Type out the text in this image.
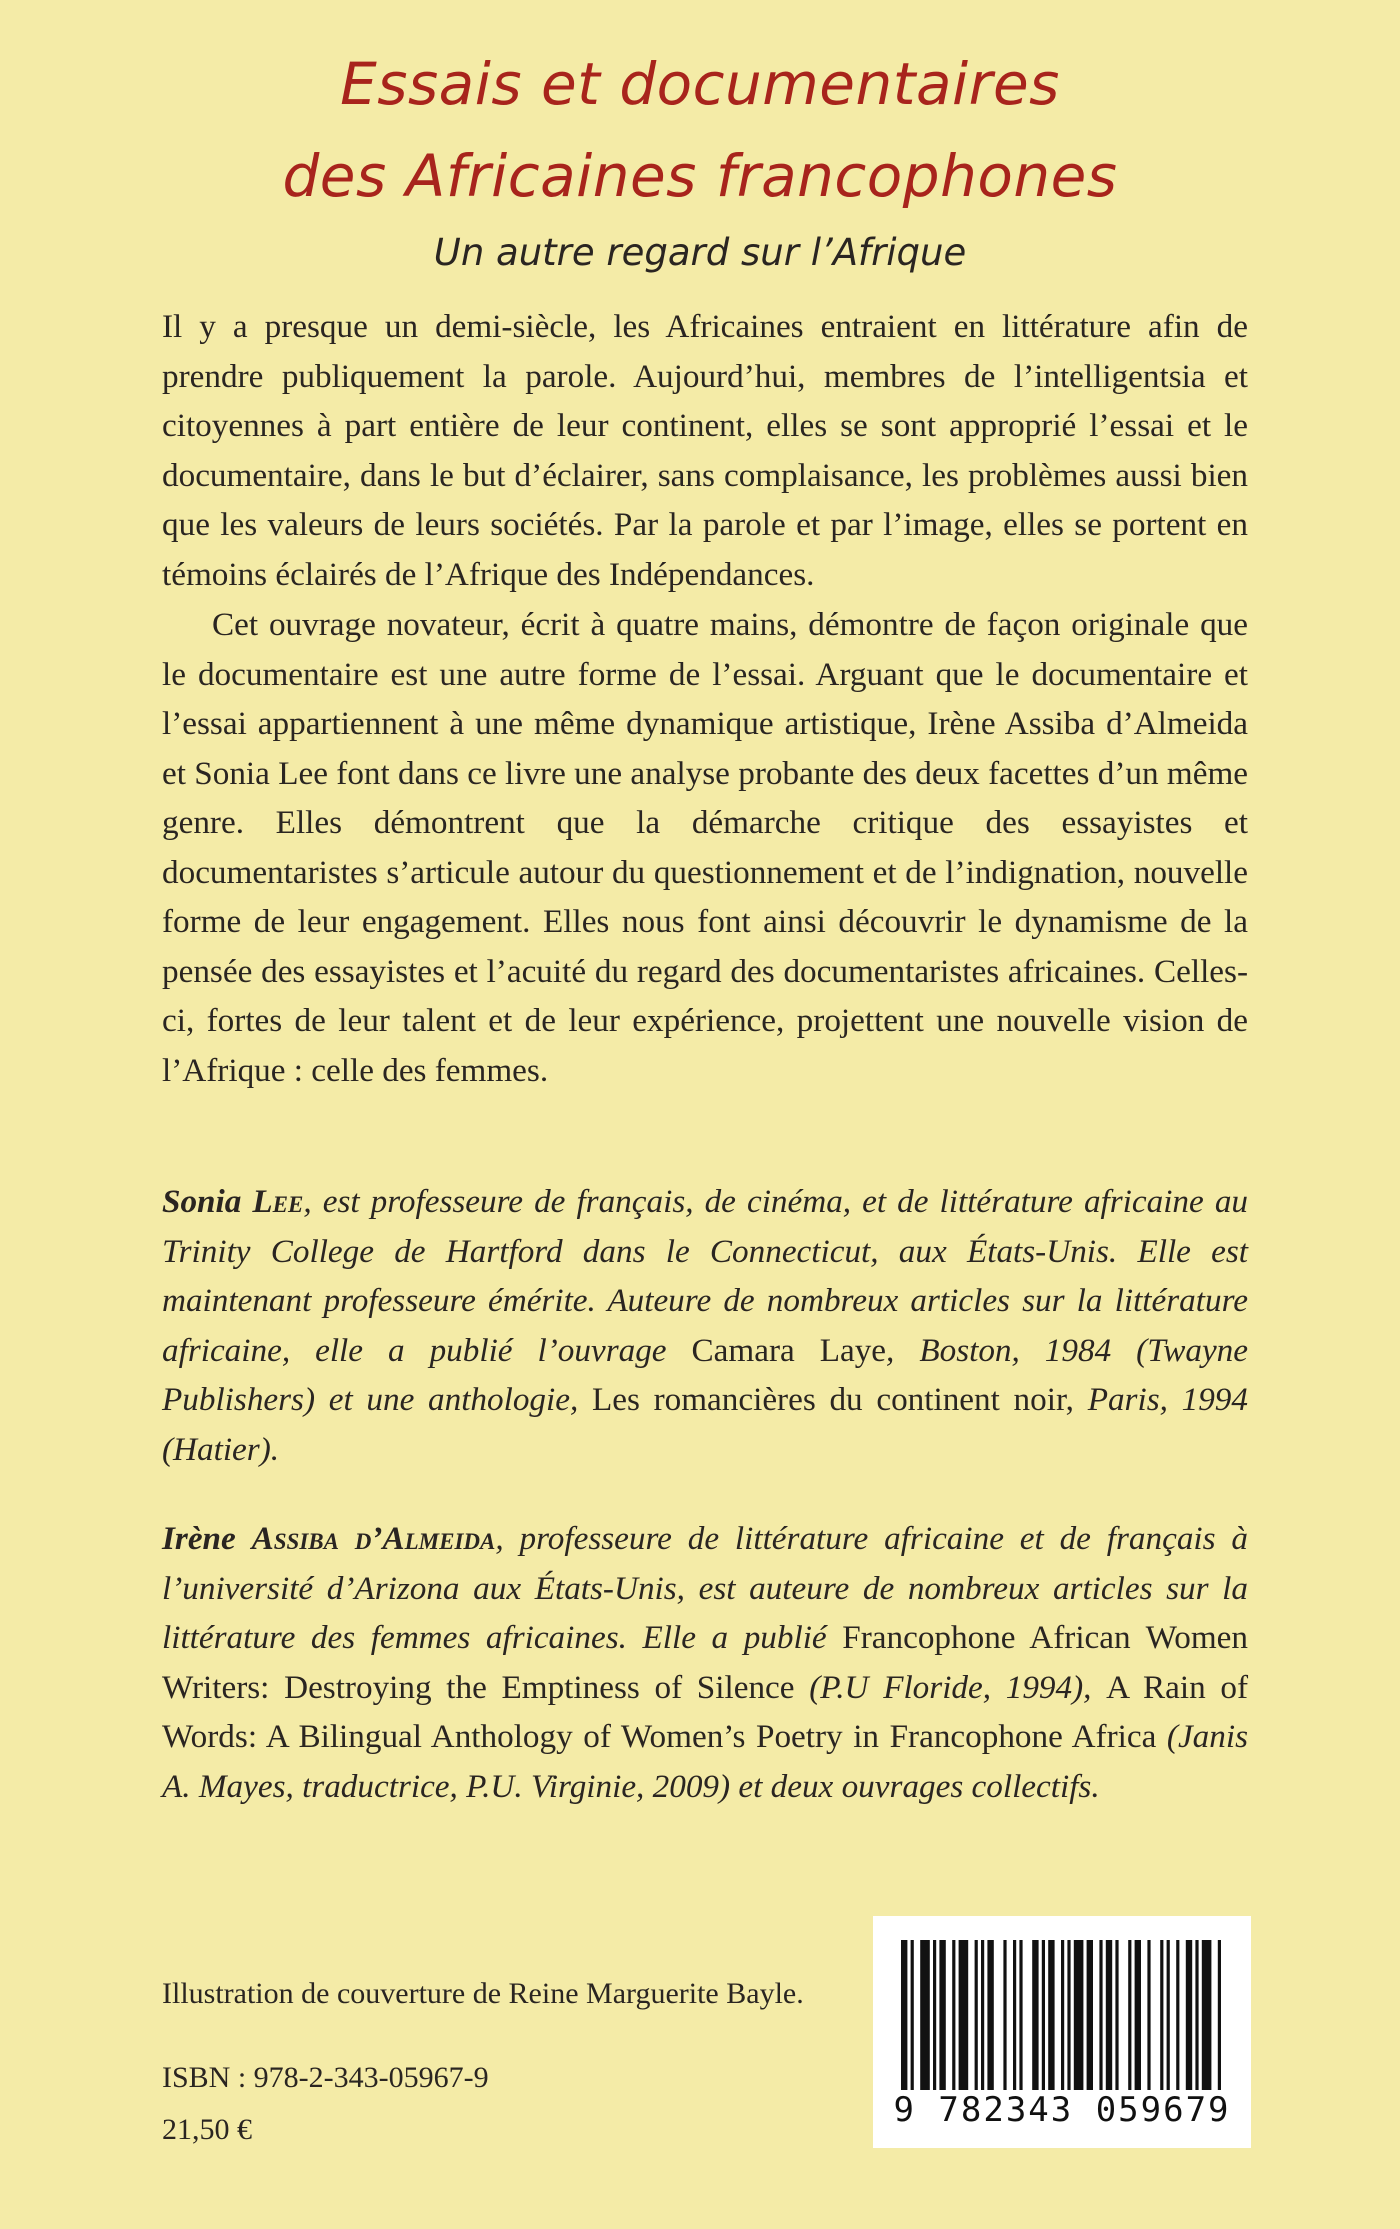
Essais et documentaires
des Africaines francophones
Un autre regard sur l’Afrique
Il y a presque un demi-siècle, les Africaines entraient en littérature afin de prendre publiquement la parole. Aujourd’hui, membres de l’intelligentsia et citoyennes à part entière de leur continent, elles se sont approprié l’essai et le documentaire, dans le but d’éclairer, sans complaisance, les problèmes aussi bien que les valeurs de leurs sociétés. Par la parole et par l’image, elles se portent en témoins éclairés de l’Afrique des Indépendances.
Cet ouvrage novateur, écrit à quatre mains, démontre de façon originale que le documentaire est une autre forme de l’essai. Arguant que le documentaire et l’essai appartiennent à une même dynamique artistique, Irène Assiba d’Almeida et Sonia Lee font dans ce livre une analyse probante des deux facettes d’un même genre. Elles démontrent que la démarche critique des essayistes et documentaristes s’articule autour du questionnement et de l’indignation, nouvelle forme de leur engagement. Elles nous font ainsi découvrir le dynamisme de la pensée des essayistes et l’acuité du regard des documentaristes africaines. Celles-ci, fortes de leur talent et de leur expérience, projettent une nouvelle vision de l’Afrique : celle des femmes.
Sonia Lee, est professeure de français, de cinéma, et de littérature africaine au Trinity College de Hartford dans le Connecticut, aux États-Unis. Elle est maintenant professeure émérite. Auteure de nombreux articles sur la littérature africaine, elle a publié l’ouvrage Camara Laye, Boston, 1984 (Twayne Publishers) et une anthologie, Les romancières du continent noir, Paris, 1994 (Hatier).
Irène Assiba d’Almeida, professeure de littérature africaine et de français à l’université d’Arizona aux États-Unis, est auteure de nombreux articles sur la littérature des femmes africaines. Elle a publié Francophone African Women Writers: Destroying the Emptiness of Silence (P.U Floride, 1994), A Rain of Words: A Bilingual Anthology of Women’s Poetry in Francophone Africa (Janis A. Mayes, traductrice, P.U. Virginie, 2009) et deux ouvrages collectifs.
Illustration de couverture de Reine Marguerite Bayle.
ISBN : 978-2-343-05967-9
21,50 €	9 782343 059679
